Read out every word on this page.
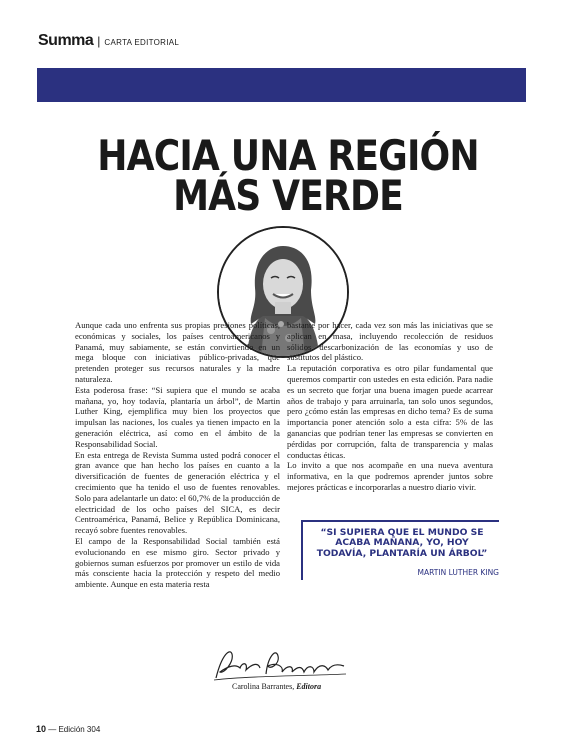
Summa | CARTA EDITORIAL
HACIA UNA REGIÓN
MÁS VERDE

Aunque cada uno enfrenta sus propias presiones políticas, económicas y sociales, los países centroamericanos y Panamá, muy sabiamente, se están convirtiendo en un mega bloque con iniciativas público-privadas, que pretenden proteger sus recursos naturales y la madre naturaleza.

Esta poderosa frase: “Si supiera que el mundo se acaba mañana, yo, hoy todavía, plantaría un árbol”, de Martin Luther King, ejemplifica muy bien los proyectos que impulsan las naciones, los cuales ya tienen impacto en la generación eléctrica, así como en el ámbito de la Responsabilidad Social.

En esta entrega de Revista Summa usted podrá conocer el gran avance que han hecho los países en cuanto a la diversificación de fuentes de generación eléctrica y el crecimiento que ha tenido el uso de fuentes renovables. Solo para adelantarle un dato: el 60,7% de la producción de electricidad de los ocho países del SICA, es decir Centroamérica, Panamá, Belice y República Dominicana, recayó sobre fuentes renovables.

El campo de la Responsabilidad Social también está evolucionando en ese mismo giro. Sector privado y gobiernos suman esfuerzos por promover un estilo de vida más consciente hacia la protección y respeto del medio ambiente. Aunque en esta materia resta

bastante por hacer, cada vez son más las iniciativas que se aplican en masa, incluyendo recolección de residuos sólidos, descarbonización de las economías y uso de sustitutos del plástico.

La reputación corporativa es otro pilar fundamental que queremos compartir con ustedes en esta edición. Para nadie es un secreto que forjar una buena imagen puede acarrear años de trabajo y para arruinarla, tan solo unos segundos, pero ¿cómo están las empresas en dicho tema? Es de suma importancia poner atención solo a esta cifra: 5% de las ganancias que podrían tener las empresas se convierten en pérdidas por corrupción, falta de transparencia y malas conductas éticas.

Lo invito a que nos acompañe en una nueva aventura informativa, en la que podremos aprender juntos sobre mejores prácticas e incorporarlas a nuestro diario vivir.

“SI SUPIERA QUE EL MUNDO SE ACABA MAÑANA, YO, HOY TODAVÍA, PLANTARÍA UN ÁRBOL”
MARTIN LUTHER KING
Carolina Barrantes, Editora
10 — Edición 304
